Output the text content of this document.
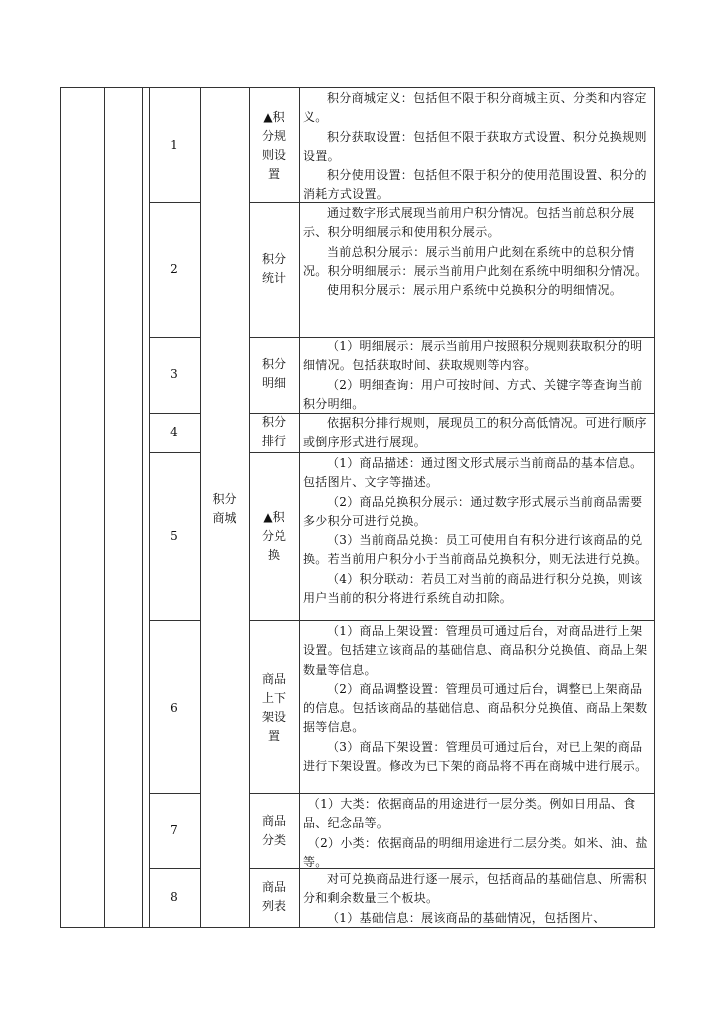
积分商城
1
▲积分规则设置

积分商城定义：包括但不限于积分商城主页、分类和内容定义。

积分获取设置：包括但不限于获取方式设置、积分兑换规则设置。

积分使用设置：包括但不限于积分的使用范围设置、积分的消耗方式设置。

2
积分统计

通过数字形式展现当前用户积分情况。包括当前总积分展示、积分明细展示和使用积分展示。

当前总积分展示：展示当前用户此刻在系统中的总积分情况。积分明细展示：展示当前用户此刻在系统中明细积分情况。

使用积分展示：展示用户系统中兑换积分的明细情况。

3
积分明细

（1）明细展示：展示当前用户按照积分规则获取积分的明细情况。包括获取时间、获取规则等内容。

（2）明细查询：用户可按时间、方式、关键字等查询当前积分明细。

4
积分排行

依据积分排行规则，展现员工的积分高低情况。可进行顺序或倒序形式进行展现。

5
▲积分兑换

（1）商品描述：通过图文形式展示当前商品的基本信息。包括图片、文字等描述。

（2）商品兑换积分展示：通过数字形式展示当前商品需要多少积分可进行兑换。

（3）当前商品兑换：员工可使用自有积分进行该商品的兑换。若当前用户积分小于当前商品兑换积分，则无法进行兑换。

（4）积分联动：若员工对当前的商品进行积分兑换，则该用户当前的积分将进行系统自动扣除。

6
商品上下架设置

（1）商品上架设置：管理员可通过后台，对商品进行上架设置。包括建立该商品的基础信息、商品积分兑换值、商品上架数量等信息。

（2）商品调整设置：管理员可通过后台，调整已上架商品的信息。包括该商品的基础信息、商品积分兑换值、商品上架数据等信息。

（3）商品下架设置：管理员可通过后台，对已上架的商品进行下架设置。修改为已下架的商品将不再在商城中进行展示。

7
商品分类

（1）大类：依据商品的用途进行一层分类。例如日用品、食品、纪念品等。

（2）小类：依据商品的明细用途进行二层分类。如米、油、盐等。

8
商品列表

对可兑换商品进行逐一展示，包括商品的基础信息、所需积分和剩余数量三个板块。

（1）基础信息：展该商品的基础情况，包括图片、
